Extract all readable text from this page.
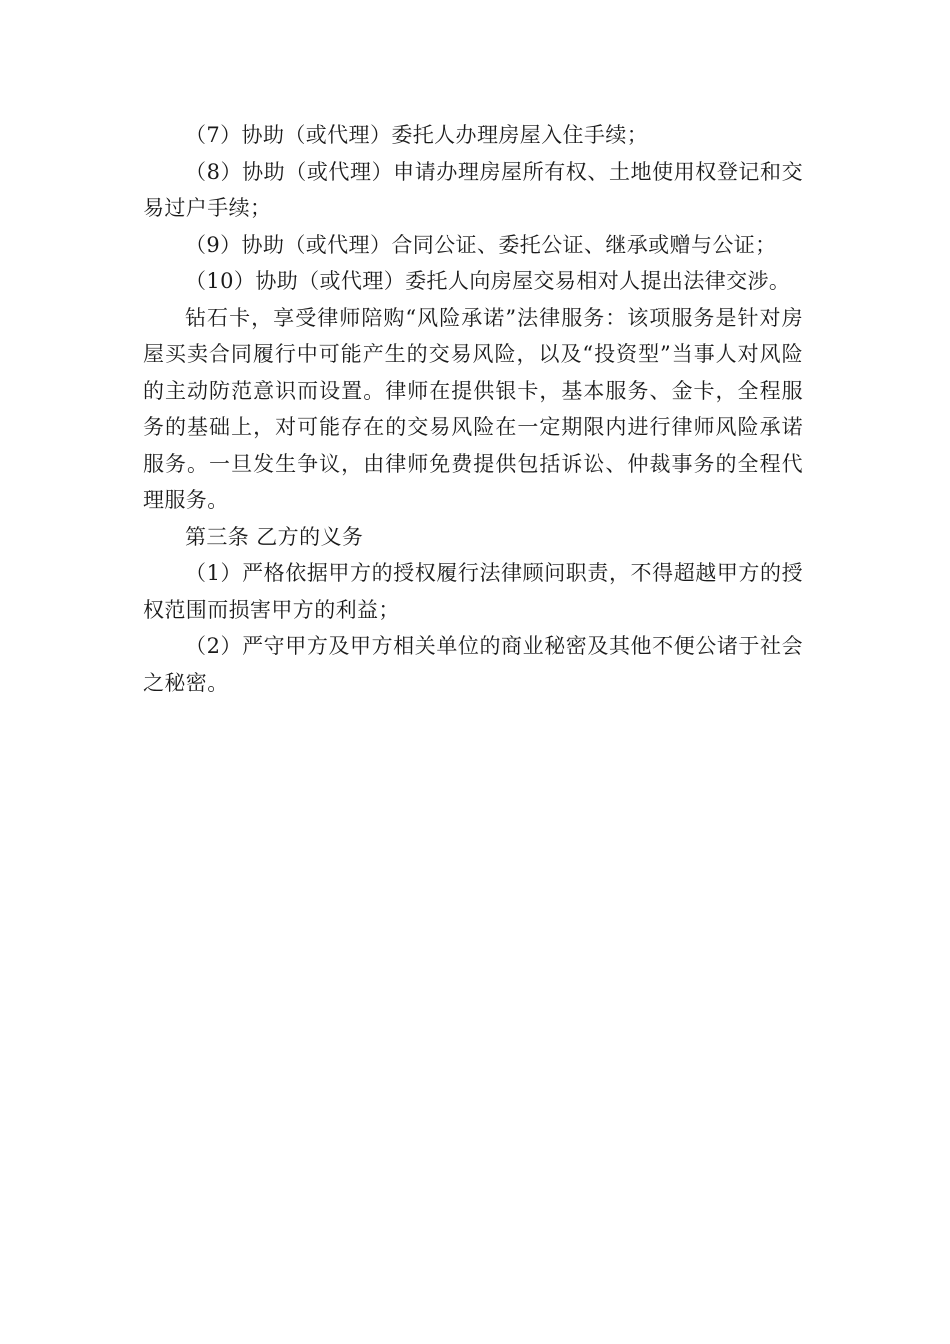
（7）协助（或代理）委托人办理房屋入住手续；

（8）协助（或代理）申请办理房屋所有权、土地使用权登记和交易过户手续；

（9）协助（或代理）合同公证、委托公证、继承或赠与公证；

（10）协助（或代理）委托人向房屋交易相对人提出法律交涉。

钻石卡，享受律师陪购“风险承诺”法律服务：该项服务是针对房屋买卖合同履行中可能产生的交易风险，以及“投资型”当事人对风险的主动防范意识而设置。律师在提供银卡，基本服务、金卡，全程服务的基础上，对可能存在的交易风险在一定期限内进行律师风险承诺服务。一旦发生争议，由律师免费提供包括诉讼、仲裁事务的全程代理服务。

第三条 乙方的义务

（1）严格依据甲方的授权履行法律顾问职责，不得超越甲方的授权范围而损害甲方的利益；

（2）严守甲方及甲方相关单位的商业秘密及其他不便公诸于社会之秘密。
